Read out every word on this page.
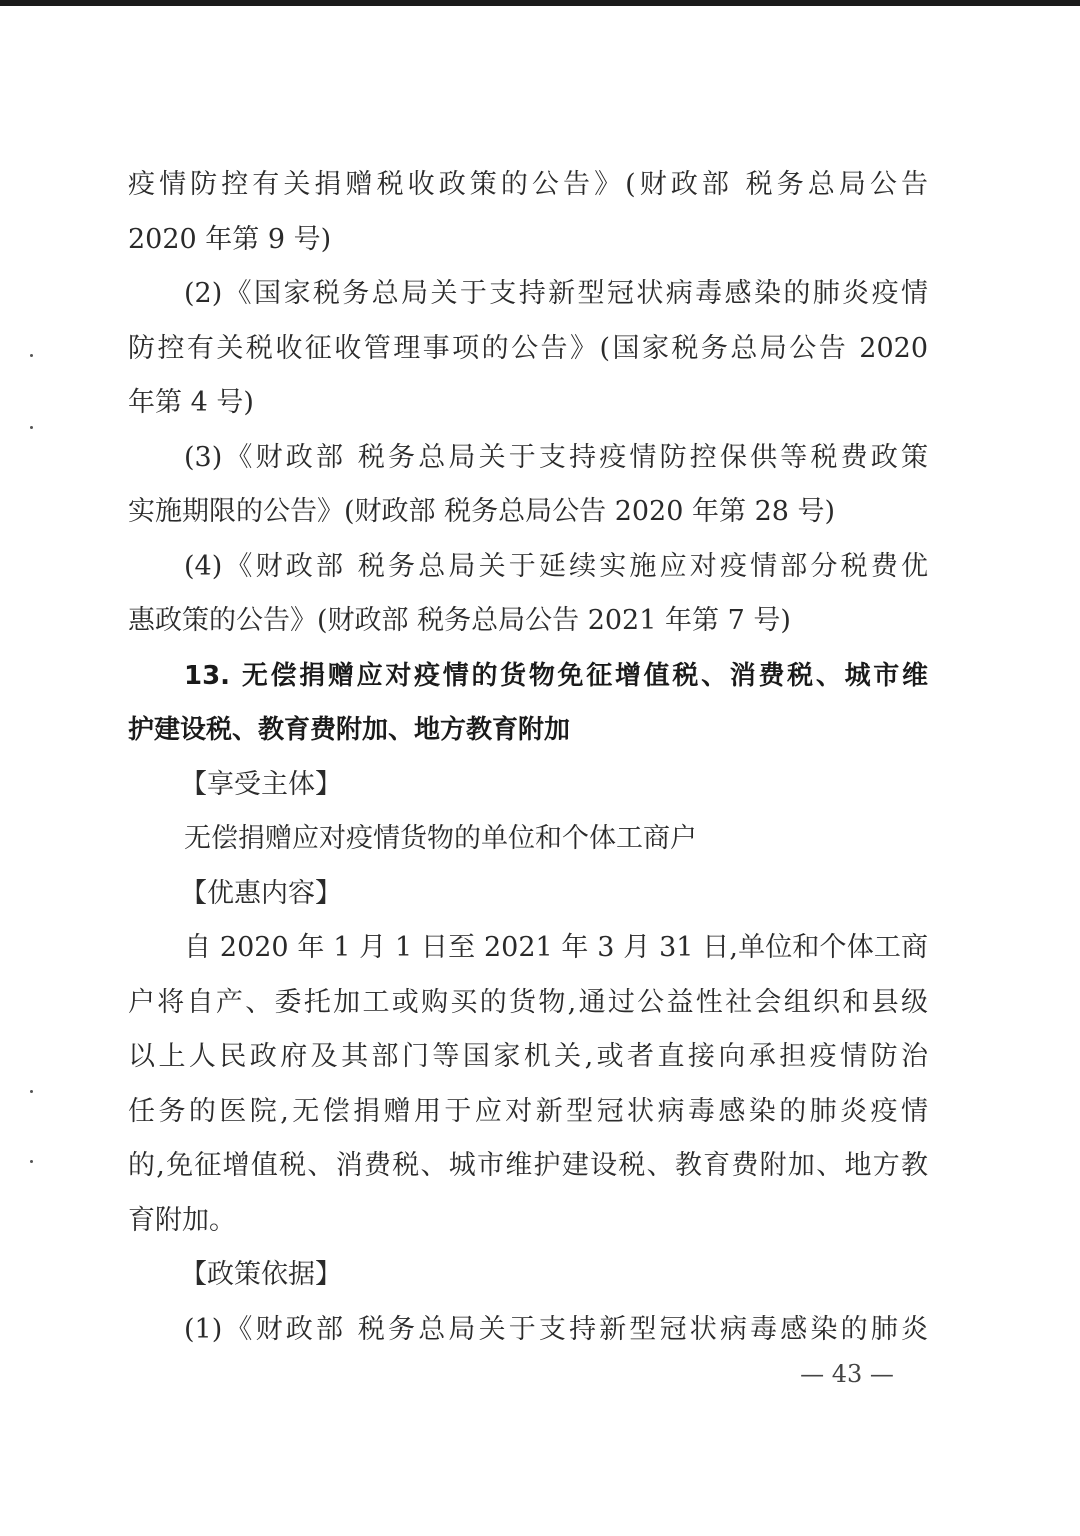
疫情防控有关捐赠税收政策的公告》(财政部 税务总局公告
2020 年第 9 号)
(2)《国家税务总局关于支持新型冠状病毒感染的肺炎疫情
防控有关税收征收管理事项的公告》(国家税务总局公告 2020
年第 4 号)
(3)《财政部 税务总局关于支持疫情防控保供等税费政策
实施期限的公告》(财政部 税务总局公告 2020 年第 28 号)
(4)《财政部 税务总局关于延续实施应对疫情部分税费优
惠政策的公告》(财政部 税务总局公告 2021 年第 7 号)
13. 无偿捐赠应对疫情的货物免征增值税、消费税、城市维
护建设税、教育费附加、地方教育附加
【享受主体】
无偿捐赠应对疫情货物的单位和个体工商户
【优惠内容】
自 2020 年 1 月 1 日至 2021 年 3 月 31 日,单位和个体工商
户将自产、委托加工或购买的货物,通过公益性社会组织和县级
以上人民政府及其部门等国家机关,或者直接向承担疫情防治
任务的医院,无偿捐赠用于应对新型冠状病毒感染的肺炎疫情
的,免征增值税、消费税、城市维护建设税、教育费附加、地方教
育附加。
【政策依据】
(1)《财政部 税务总局关于支持新型冠状病毒感染的肺炎
— 43 —
